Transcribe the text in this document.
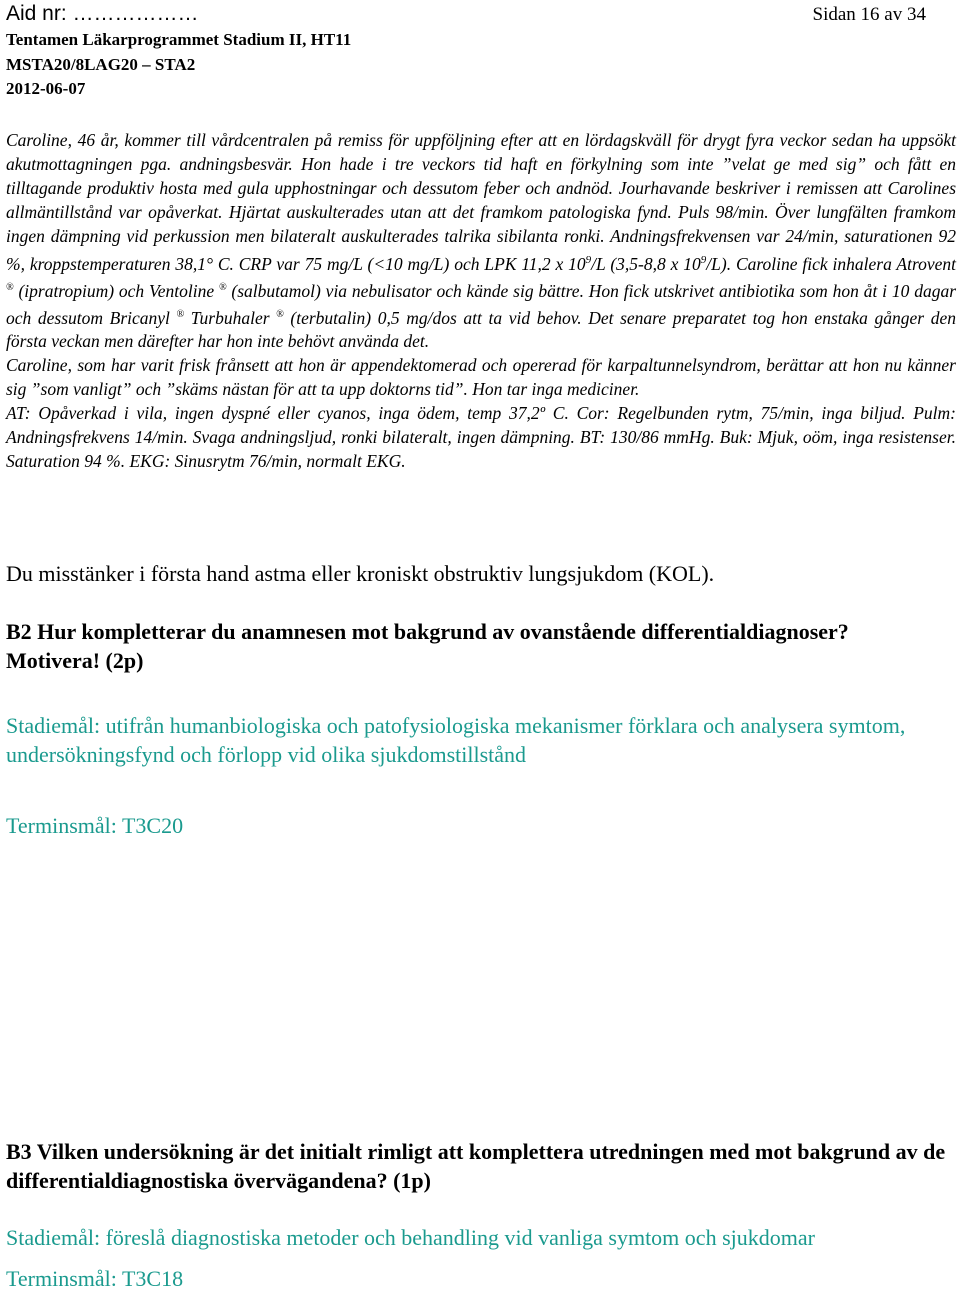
Aid nr: ………………	Sidan 16 av 34
Tentamen Läkarprogrammet Stadium II, HT11
MSTA20/8LAG20 – STA2
2012-06-07

Caroline, 46 år, kommer till vårdcentralen på remiss för uppföljning efter att en lördagskväll för drygt fyra veckor sedan ha uppsökt akutmottagningen pga. andningsbesvär. Hon hade i tre veckors tid haft en förkylning som inte ”velat ge med sig” och fått en tilltagande produktiv hosta med gula upphostningar och dessutom feber och andnöd. Jourhavande beskriver i remissen att Carolines allmäntillstånd var opåverkat. Hjärtat auskulterades utan att det framkom patologiska fynd. Puls 98/min. Över lungfälten framkom ingen dämpning vid perkussion men bilateralt auskulterades talrika sibilanta ronki. Andningsfrekvensen var 24/min, saturationen 92 %, kroppstemperaturen 38,1° C. CRP var 75 mg/L (<10 mg/L) och LPK 11,2 x $10^9/L$ (3,5-8,8 x $10^9/L$). Caroline fick inhalera Atrovent ® (ipratropium) och Ventoline ® (salbutamol) via nebulisator och kände sig bättre. Hon fick utskrivet antibiotika som hon åt i 10 dagar och dessutom Bricanyl ® Turbuhaler ® (terbutalin) 0,5 mg/dos att ta vid behov. Det senare preparatet tog hon enstaka gånger den första veckan men därefter har hon inte behövt använda det.

Caroline, som har varit frisk frånsett att hon är appendektomerad och opererad för karpaltunnelsyndrom, berättar att hon nu känner sig ”som vanligt” och ”skäms nästan för att ta upp doktorns tid”. Hon tar inga mediciner.

AT: Opåverkad i vila, ingen dyspné eller cyanos, inga ödem, temp 37,2º C. Cor: Regelbunden rytm, 75/min, inga biljud. Pulm: Andningsfrekvens 14/min. Svaga andningsljud, ronki bilateralt, ingen dämpning. BT: 130/86 mmHg. Buk: Mjuk, oöm, inga resistenser. Saturation 94 %. EKG: Sinusrytm 76/min, normalt EKG.

Du misstänker i första hand astma eller kroniskt obstruktiv lungsjukdom (KOL).

B2 Hur kompletterar du anamnesen mot bakgrund av ovanstående differentialdiagnoser? Motivera! (2p)

Stadiemål: utifrån humanbiologiska och patofysiologiska mekanismer förklara och analysera symtom, undersökningsfynd och förlopp vid olika sjukdomstillstånd

Terminsmål: T3C20

B3 Vilken undersökning är det initialt rimligt att komplettera utredningen med mot bakgrund av de differentialdiagnostiska övervägandena? (1p)

Stadiemål: föreslå diagnostiska metoder och behandling vid vanliga symtom och sjukdomar

Terminsmål: T3C18
